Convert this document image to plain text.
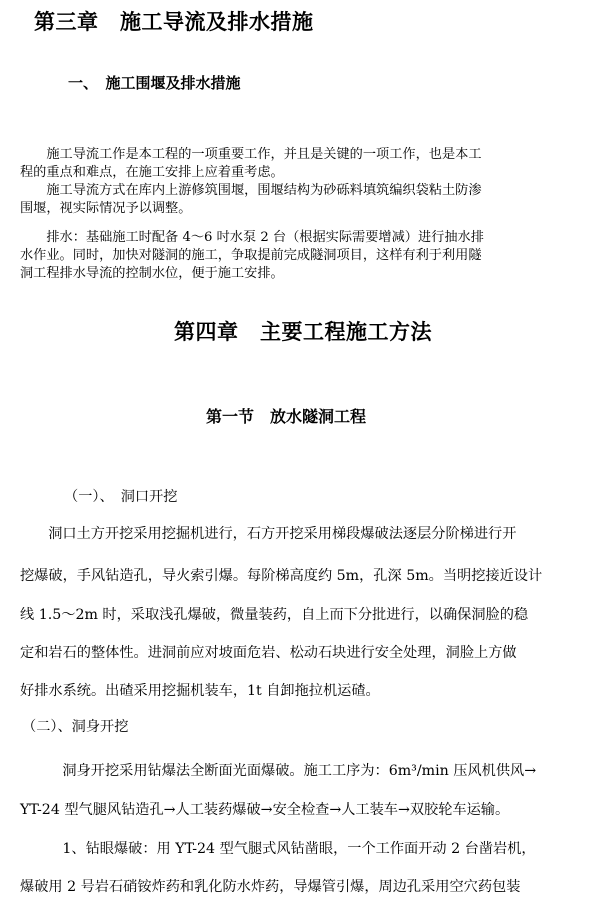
第三章　施工导流及排水措施
一、　施工围堰及排水措施
　　施工导流工作是本工程的一项重要工作，并且是关键的一项工作，也是本工
程的重点和难点，在施工安排上应着重考虑。
　　施工导流方式在库内上游修筑围堰，围堰结构为砂砾料填筑编织袋粘土防渗
围堰，视实际情况予以调整。
　　排水：基础施工时配备 4～6 吋水泵 2 台（根据实际需要增减）进行抽水排
水作业。同时，加快对隧洞的施工，争取提前完成隧洞项目，这样有利于利用隧
洞工程排水导流的控制水位，便于施工安排。
第四章　主要工程施工方法
第一节　放水隧洞工程
（一）、　洞口开挖
　洞口土方开挖采用挖掘机进行，石方开挖采用梯段爆破法逐层分阶梯进行开
挖爆破，手风钻造孔，导火索引爆。每阶梯高度约 5m，孔深 5m。当明挖接近设计
线 1.5～2m 时，采取浅孔爆破，微量装药，自上而下分批进行，以确保洞脸的稳
定和岩石的整体性。进洞前应对坡面危岩、松动石块进行安全处理，洞脸上方做
好排水系统。出碴采用挖掘机装车，1t 自卸拖拉机运碴。
（二）、洞身开挖
　　洞身开挖采用钻爆法全断面光面爆破。施工工序为：6m³/min 压风机供风→
YT-24 型气腿风钻造孔→人工装药爆破→安全检查→人工装车→双胶轮车运输。
　　1、钻眼爆破：用 YT-24 型气腿式风钻凿眼，一个工作面开动 2 台凿岩机，
爆破用 2 号岩石硝铵炸药和乳化防水炸药，导爆管引爆，周边孔采用空穴药包装
